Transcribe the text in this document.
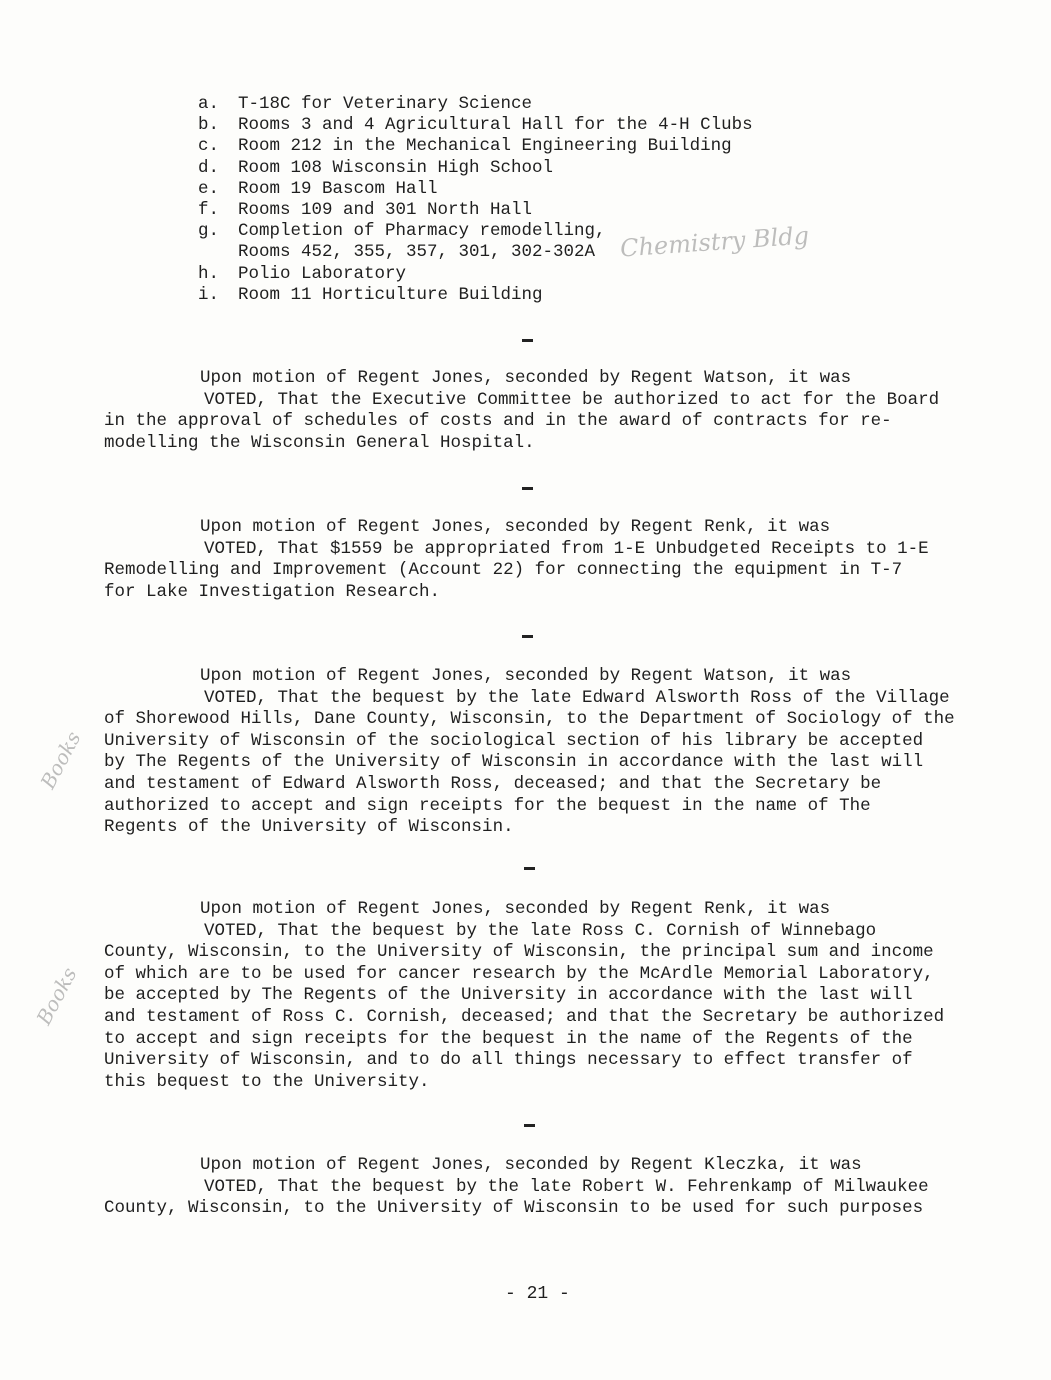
a.	T-18C for Veterinary Science
b.	Rooms 3 and 4 Agricultural Hall for the 4-H Clubs
c.	Room 212 in the Mechanical Engineering Building
d.	Room 108 Wisconsin High School
e.	Room 19 Bascom Hall
f.	Rooms 109 and 301 North Hall
g.	Completion of Pharmacy remodelling,
Rooms 452, 355, 357, 301, 302-302A
h.	Polio Laboratory
i.	Room 11 Horticulture Building
Chemistry Bldg
Upon motion of Regent Jones, seconded by Regent Watson, it was
VOTED, That the Executive Committee be authorized to act for the Board
in the approval of schedules of costs and in the award of contracts for re-
modelling the Wisconsin General Hospital.
Upon motion of Regent Jones, seconded by Regent Renk, it was
VOTED, That $1559 be appropriated from 1-E Unbudgeted Receipts to 1-E
Remodelling and Improvement (Account 22) for connecting the equipment in T-7
for Lake Investigation Research.
Upon motion of Regent Jones, seconded by Regent Watson, it was
VOTED, That the bequest by the late Edward Alsworth Ross of the Village
of Shorewood Hills, Dane County, Wisconsin, to the Department of Sociology of the
University of Wisconsin of the sociological section of his library be accepted
by The Regents of the University of Wisconsin in accordance with the last will
and testament of Edward Alsworth Ross, deceased; and that the Secretary be
authorized to accept and sign receipts for the bequest in the name of The
Regents of the University of Wisconsin.
Books
Upon motion of Regent Jones, seconded by Regent Renk, it was
VOTED, That the bequest by the late Ross C. Cornish of Winnebago
County, Wisconsin, to the University of Wisconsin, the principal sum and income
of which are to be used for cancer research by the McArdle Memorial Laboratory,
be accepted by The Regents of the University in accordance with the last will
and testament of Ross C. Cornish, deceased; and that the Secretary be authorized
to accept and sign receipts for the bequest in the name of the Regents of the
University of Wisconsin, and to do all things necessary to effect transfer of
this bequest to the University.
Books
Upon motion of Regent Jones, seconded by Regent Kleczka, it was
VOTED, That the bequest by the late Robert W. Fehrenkamp of Milwaukee
County, Wisconsin, to the University of Wisconsin to be used for such purposes
- 21 -
